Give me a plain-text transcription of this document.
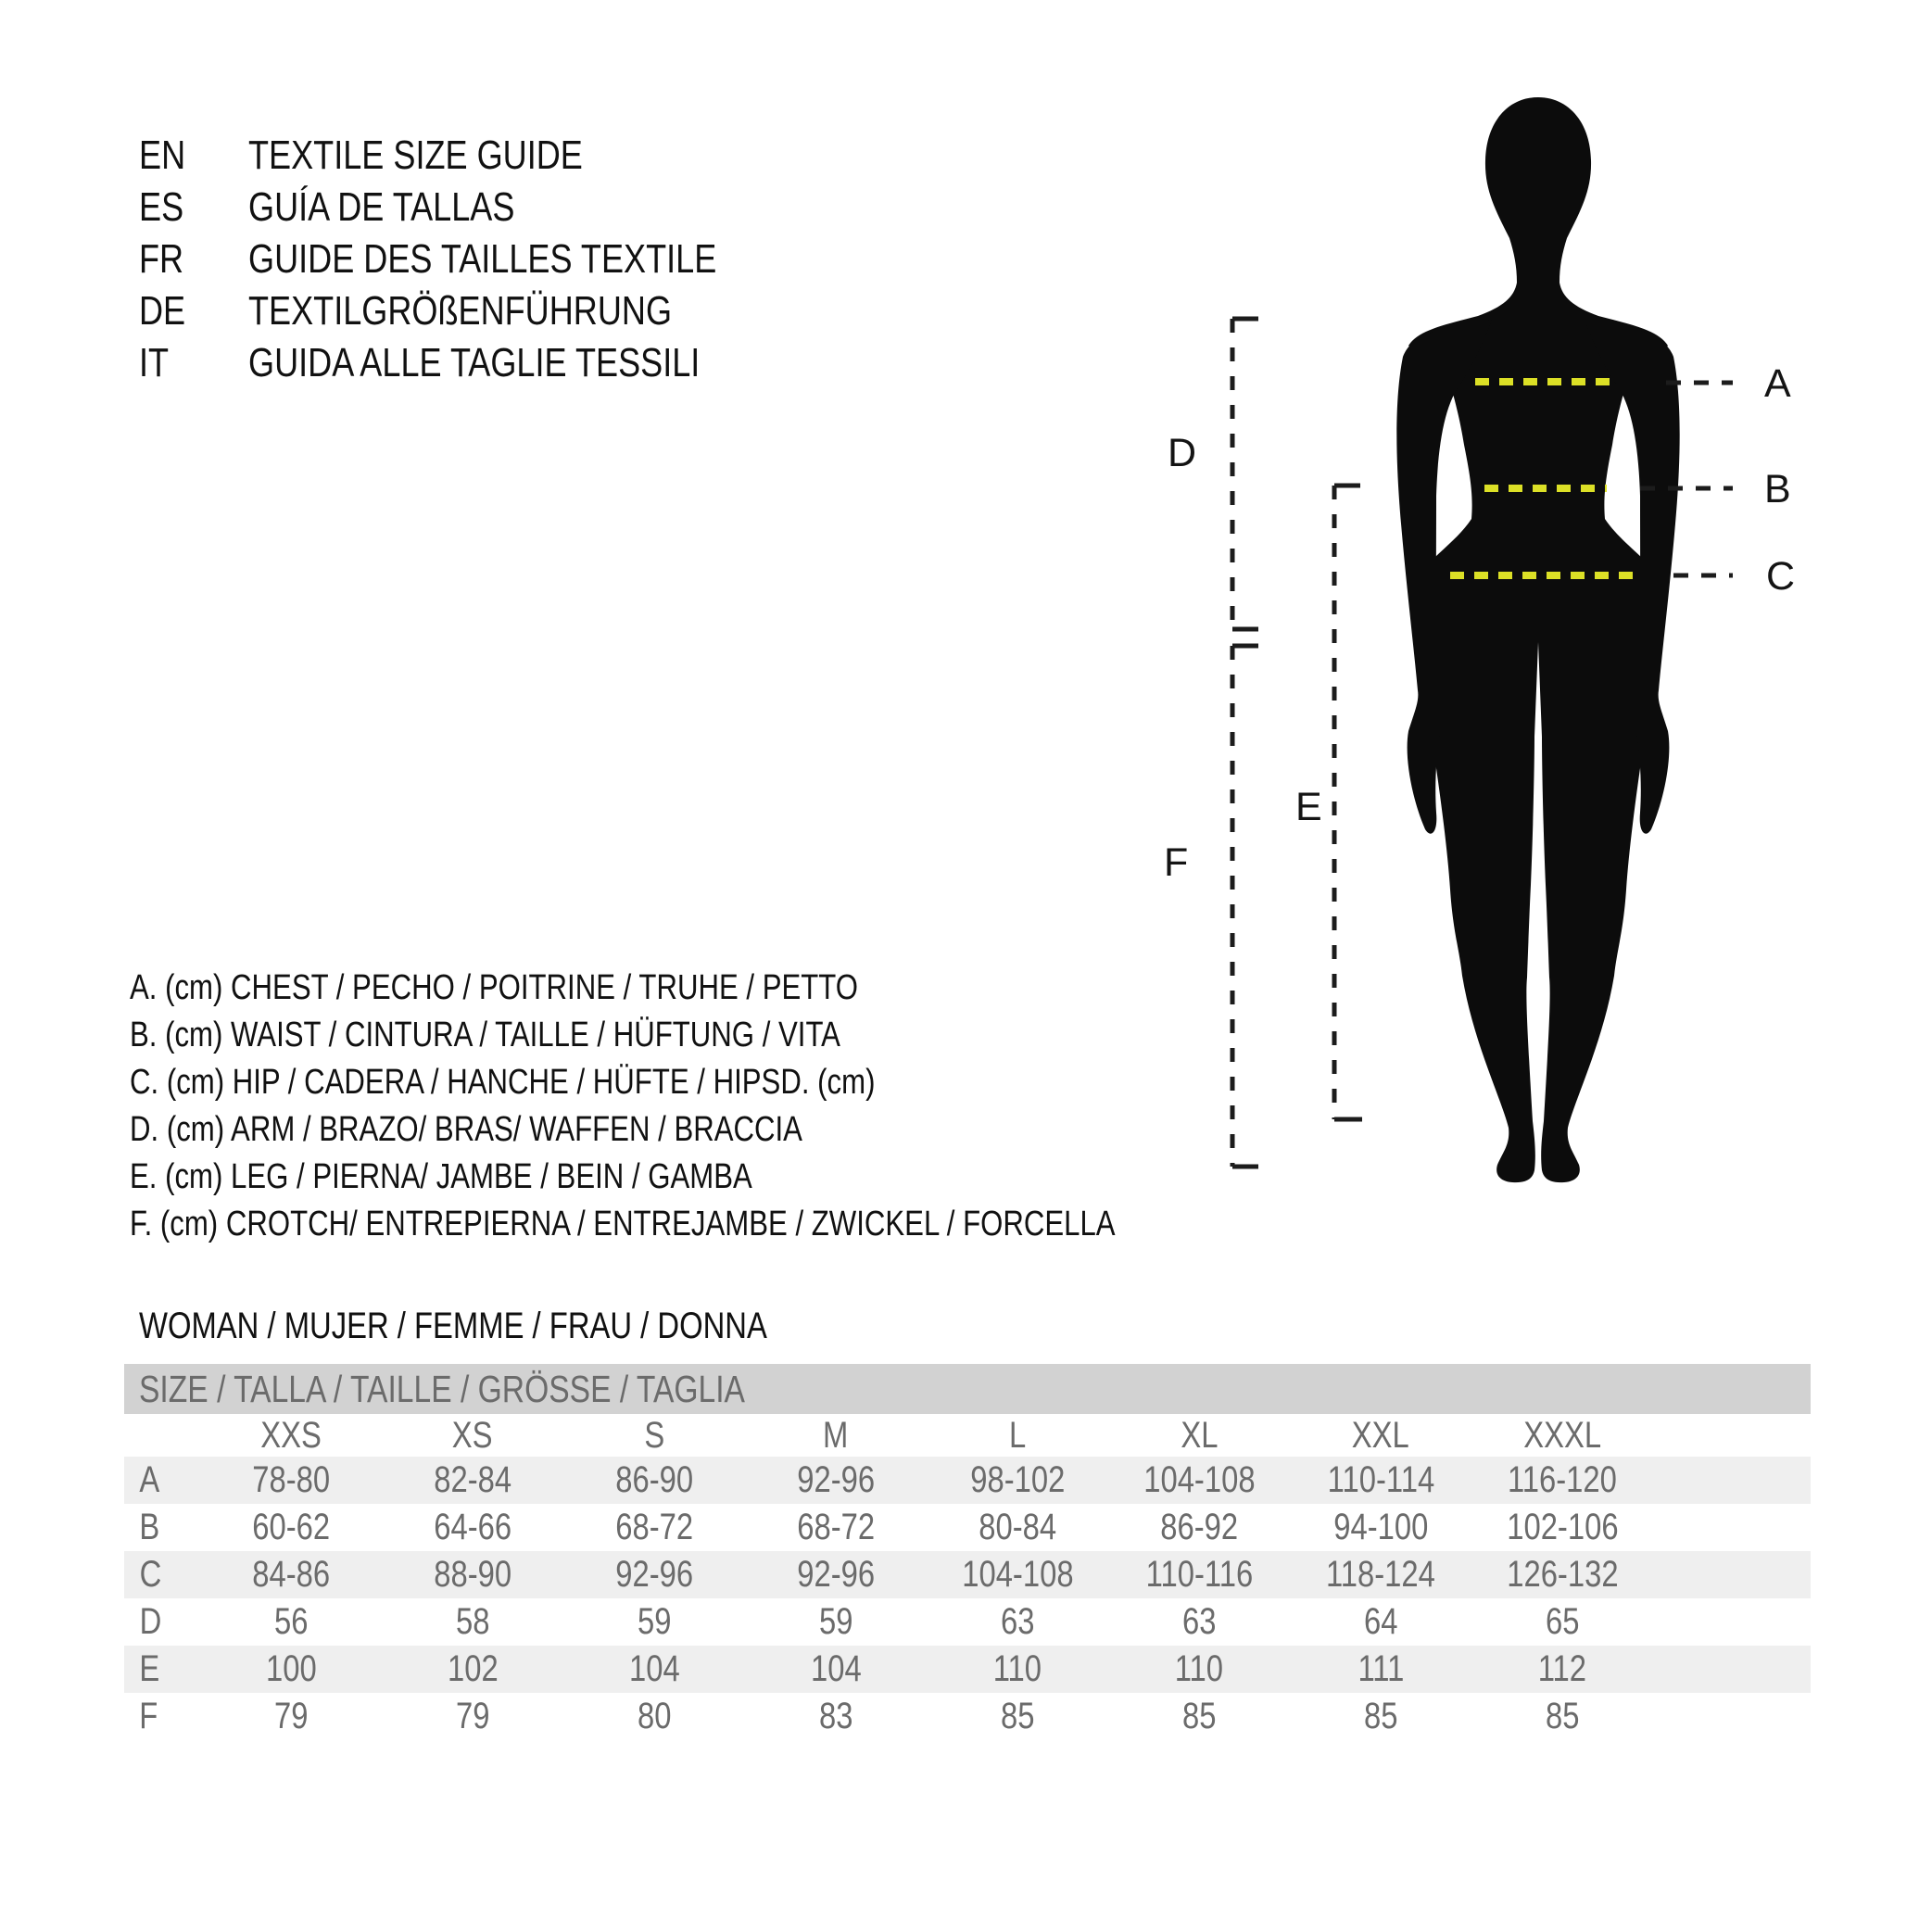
EN	TEXTILE SIZE GUIDE
ES	GUÍA DE TALLAS
FR	GUIDE DES TAILLES TEXTILE
DE	TEXTILGRÖßENFÜHRUNG
IT	GUIDA ALLE TAGLIE TESSILI
A. (cm) CHEST / PECHO / POITRINE / TRUHE / PETTO
B. (cm) WAIST / CINTURA / TAILLE / HÜFTUNG / VITA
C. (cm) HIP / CADERA / HANCHE / HÜFTE / HIPSD. (cm)
D. (cm) ARM / BRAZO/ BRAS/ WAFFEN / BRACCIA
E. (cm) LEG / PIERNA/ JAMBE / BEIN / GAMBA
F. (cm) CROTCH/ ENTREPIERNA / ENTREJAMBE / ZWICKEL / FORCELLA
WOMAN / MUJER / FEMME / FRAU / DONNA
SIZE / TALLA / TAILLE / GRÖSSE / TAGLIA
XXS	XS	S	M	L	XL	XXL	XXXL
A	78-80	82-84	86-90	92-96	98-102	104-108	110-114	116-120
B	60-62	64-66	68-72	68-72	80-84	86-92	94-100	102-106
C	84-86	88-90	92-96	92-96	104-108	110-116	118-124	126-132
D	56	58	59	59	63	63	64	65
E	100	102	104	104	110	110	111	112
F	79	79	80	83	85	85	85	85
A
B
C
D
E
F
